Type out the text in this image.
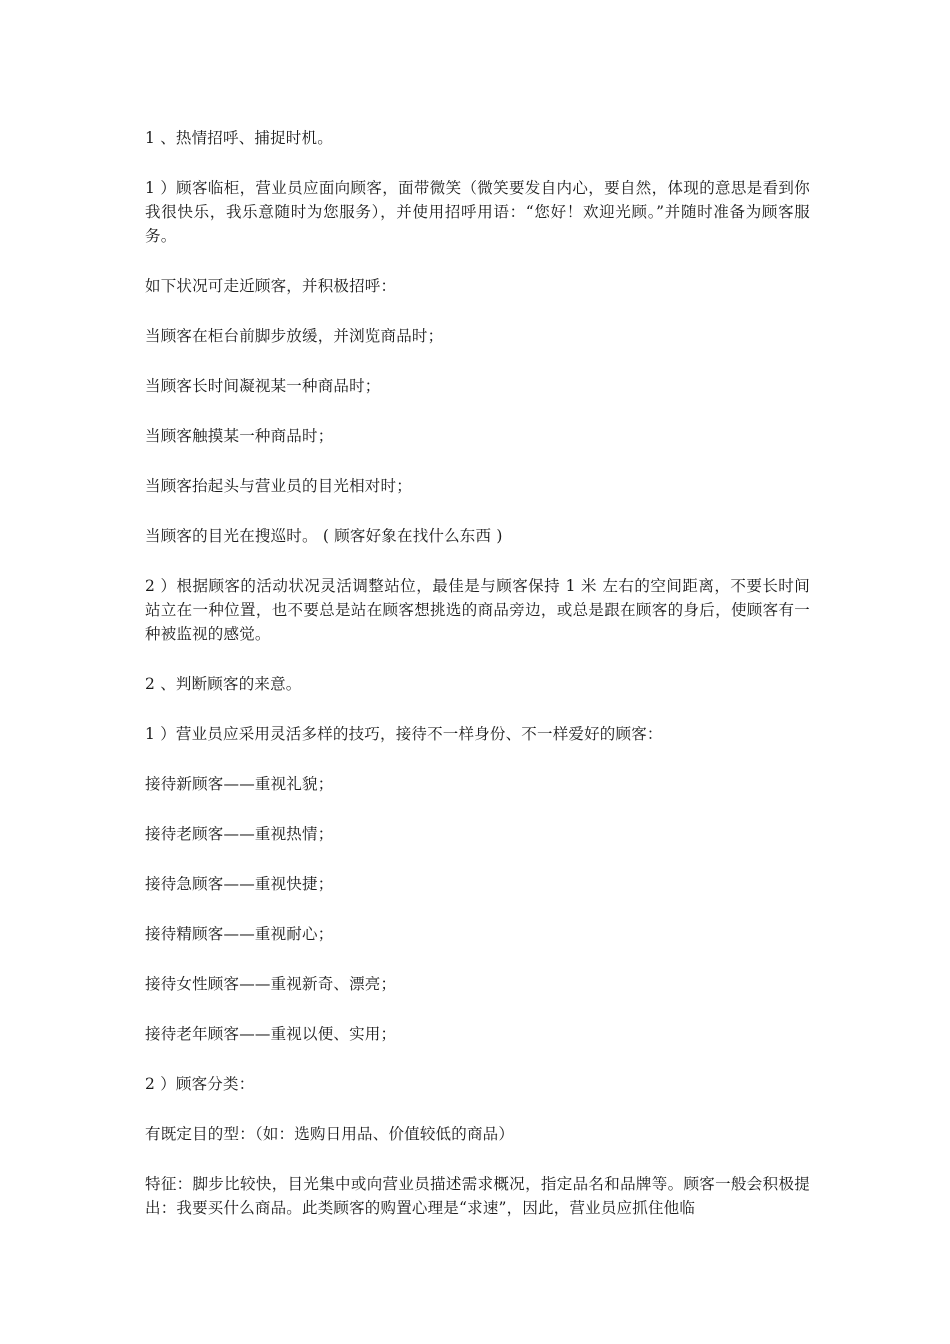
1 、热情招呼、捕捉时机。

1 ）顾客临柜，营业员应面向顾客，面带微笑（微笑要发自内心，要自然，体现的意思是看到你我很快乐，我乐意随时为您服务），并使用招呼用语：“您好！欢迎光顾。”并随时准备为顾客服务。

如下状况可走近顾客，并积极招呼：

当顾客在柜台前脚步放缓，并浏览商品时；

当顾客长时间凝视某一种商品时；

当顾客触摸某一种商品时；

当顾客抬起头与营业员的目光相对时；

当顾客的目光在搜巡时。 ( 顾客好象在找什么东西 )

2 ）根据顾客的活动状况灵活调整站位，最佳是与顾客保持 1 米 左右的空间距离，不要长时间站立在一种位置，也不要总是站在顾客想挑选的商品旁边，或总是跟在顾客的身后，使顾客有一种被监视的感觉。

2 、判断顾客的来意。

1 ）营业员应采用灵活多样的技巧，接待不一样身份、不一样爱好的顾客：

接待新顾客——重视礼貌；

接待老顾客——重视热情；

接待急顾客——重视快捷；

接待精顾客——重视耐心；

接待女性顾客——重视新奇、漂亮；

接待老年顾客——重视以便、实用；

2 ）顾客分类：

有既定目的型：（如：选购日用品、价值较低的商品）

特征：脚步比较快，目光集中或向营业员描述需求概况，指定品名和品牌等。顾客一般会积极提出：我要买什么商品。此类顾客的购置心理是“求速”，因此，营业员应抓住他临
